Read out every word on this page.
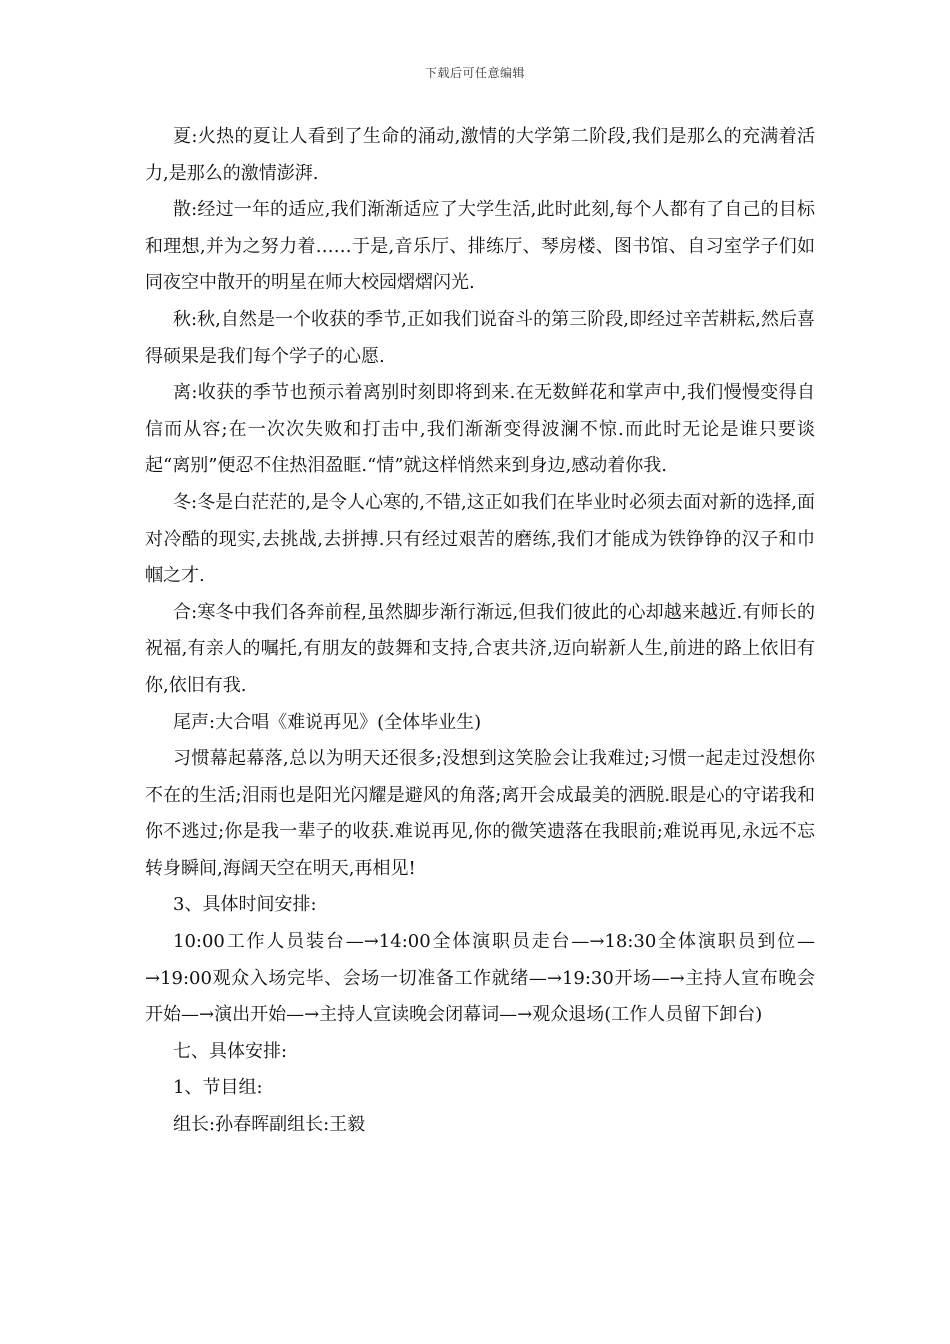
下载后可任意编辑

夏:火热的夏让人看到了生命的涌动,激情的大学第二阶段,我们是那么的充满着活力,是那么的激情澎湃.

散:经过一年的适应,我们渐渐适应了大学生活,此时此刻,每个人都有了自己的目标和理想,并为之努力着……于是,音乐厅、排练厅、琴房楼、图书馆、自习室学子们如同夜空中散开的明星在师大校园熠熠闪光.

秋:秋,自然是一个收获的季节,正如我们说奋斗的第三阶段,即经过辛苦耕耘,然后喜得硕果是我们每个学子的心愿.

离:收获的季节也预示着离别时刻即将到来.在无数鲜花和掌声中,我们慢慢变得自信而从容;在一次次失败和打击中,我们渐渐变得波澜不惊.而此时无论是谁只要谈起“离别”便忍不住热泪盈眶.“情”就这样悄然来到身边,感动着你我.

冬:冬是白茫茫的,是令人心寒的,不错,这正如我们在毕业时必须去面对新的选择,面对冷酷的现实,去挑战,去拼搏.只有经过艰苦的磨练,我们才能成为铁铮铮的汉子和巾帼之才.

合:寒冬中我们各奔前程,虽然脚步渐行渐远,但我们彼此的心却越来越近.有师长的祝福,有亲人的嘱托,有朋友的鼓舞和支持,合衷共济,迈向崭新人生,前进的路上依旧有你,依旧有我.

尾声:大合唱《难说再见》(全体毕业生)

习惯幕起幕落,总以为明天还很多;没想到这笑脸会让我难过;习惯一起走过没想你不在的生活;泪雨也是阳光闪耀是避风的角落;离开会成最美的洒脱.眼是心的守诺我和你不逃过;你是我一辈子的收获.难说再见,你的微笑遗落在我眼前;难说再见,永远不忘转身瞬间,海阔天空在明天,再相见!

3、具体时间安排:

10:00工作人员装台—→14:00全体演职员走台—→18:30全体演职员到位—→19:00观众入场完毕、会场一切准备工作就绪—→19:30开场—→主持人宣布晚会开始—→演出开始—→主持人宣读晚会闭幕词—→观众退场(工作人员留下卸台)

七、具体安排:

1、节目组:

组长:孙春晖副组长:王毅
